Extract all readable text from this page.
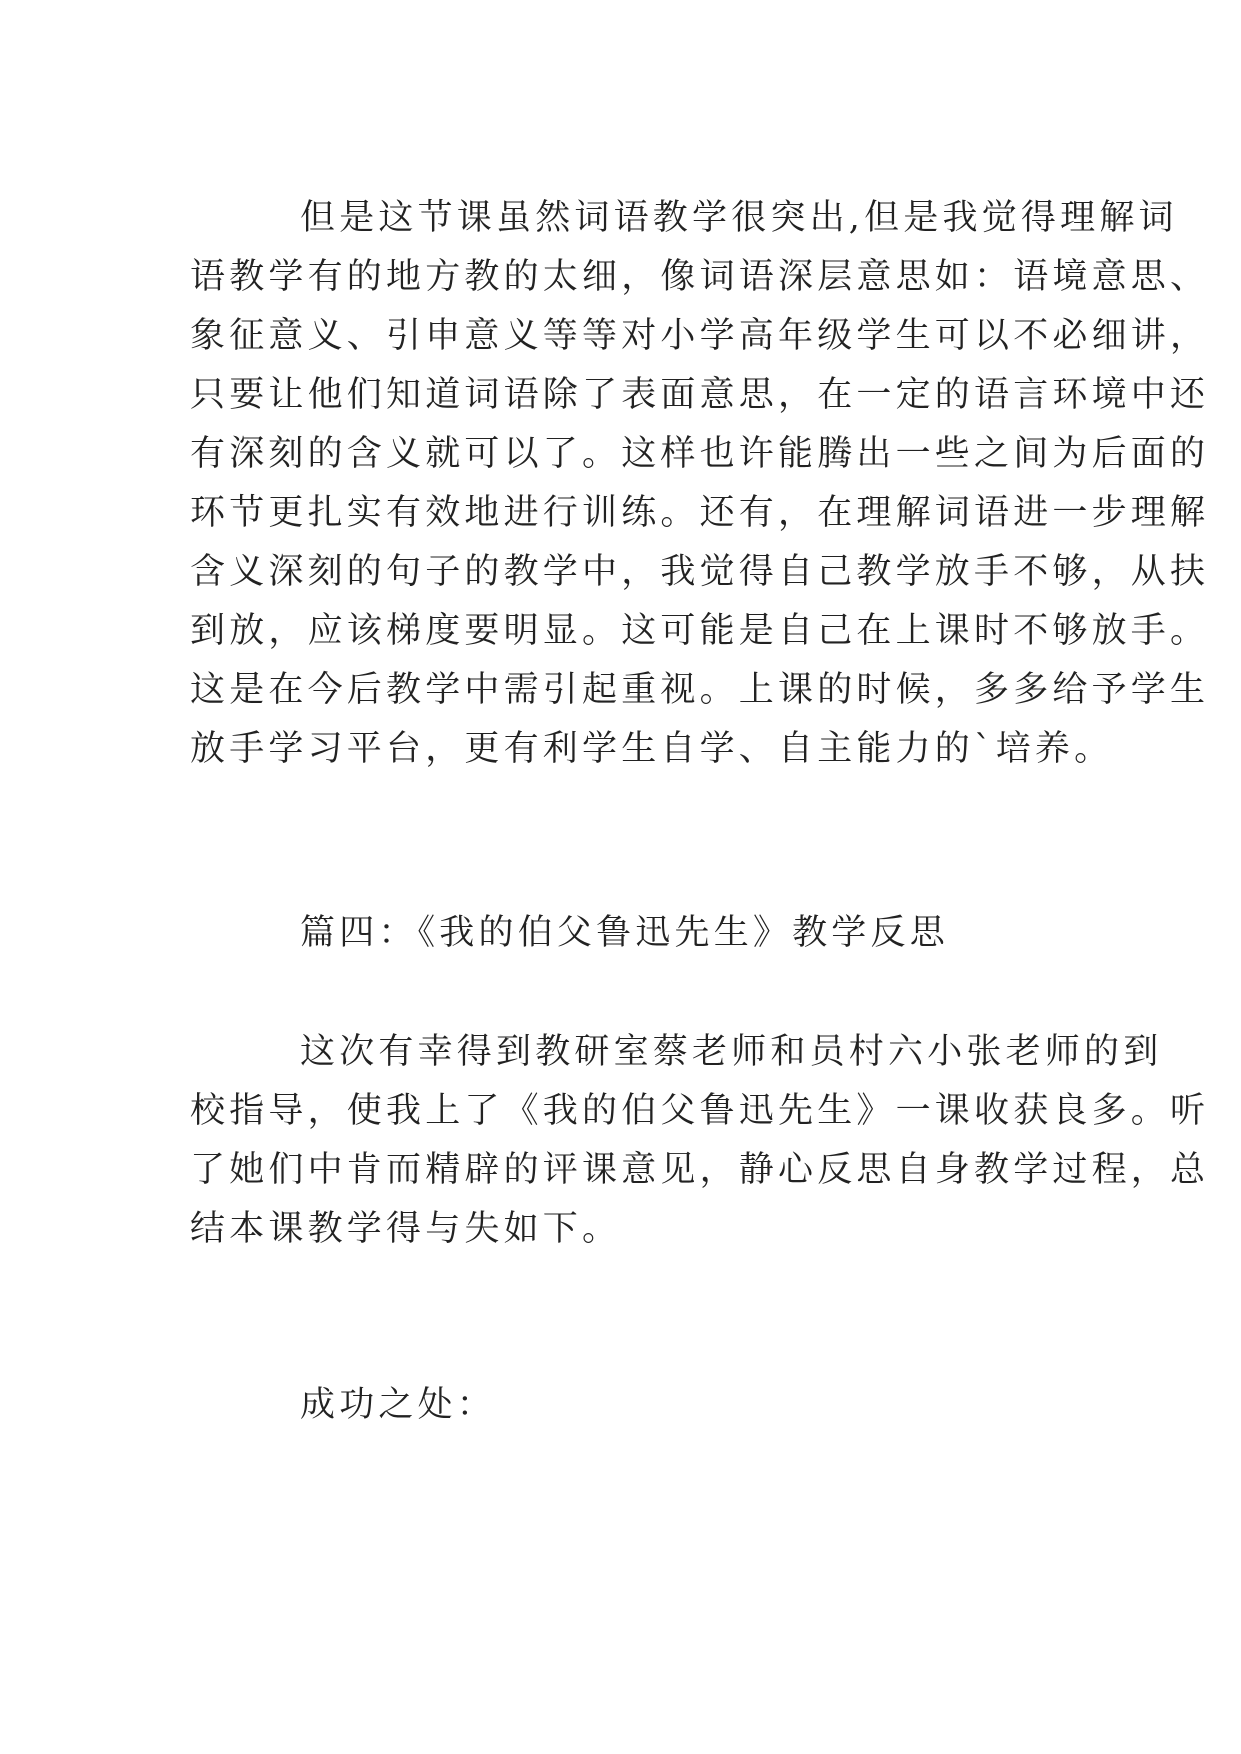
但是这节课虽然词语教学很突出,但是我觉得理解词
语教学有的地方教的太细，像词语深层意思如：语境意思、
象征意义、引申意义等等对小学高年级学生可以不必细讲，
只要让他们知道词语除了表面意思，在一定的语言环境中还
有深刻的含义就可以了。这样也许能腾出一些之间为后面的
环节更扎实有效地进行训练。还有，在理解词语进一步理解
含义深刻的句子的教学中，我觉得自己教学放手不够，从扶
到放，应该梯度要明显。这可能是自己在上课时不够放手。
这是在今后教学中需引起重视。上课的时候，多多给予学生
放手学习平台，更有利学生自学、自主能力的`培养。
篇四：《我的伯父鲁迅先生》教学反思
这次有幸得到教研室蔡老师和员村六小张老师的到
校指导，使我上了《我的伯父鲁迅先生》一课收获良多。听
了她们中肯而精辟的评课意见，静心反思自身教学过程，总
结本课教学得与失如下。
成功之处：
